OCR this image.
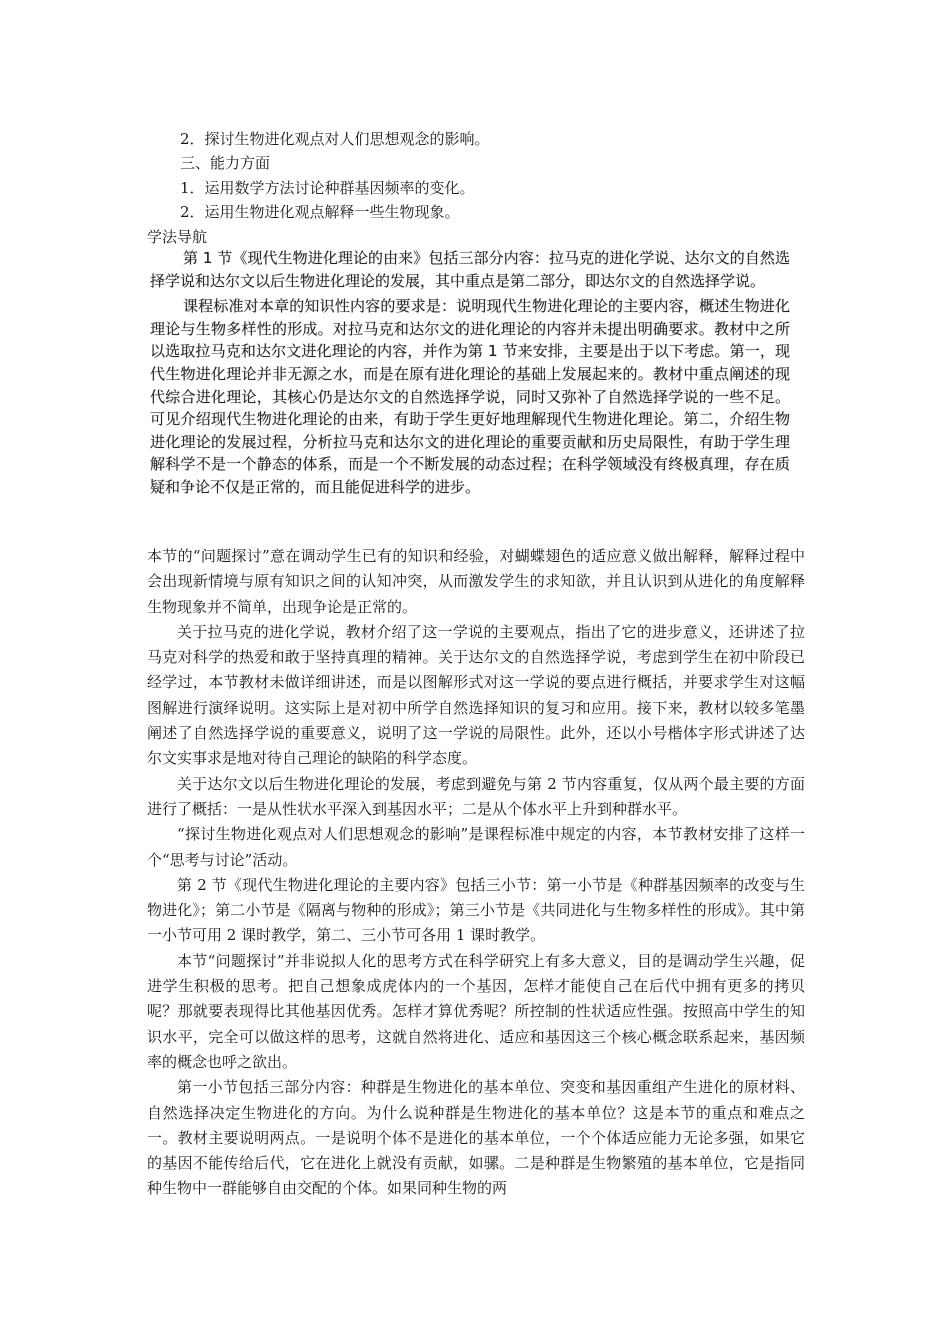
2．探讨生物进化观点对人们思想观念的影响。
三、能力方面
1．运用数学方法讨论种群基因频率的变化。
2．运用生物进化观点解释一些生物现象。
学法导航

第 1 节《现代生物进化理论的由来》包括三部分内容：拉马克的进化学说、达尔文的自然选择学说和达尔文以后生物进化理论的发展，其中重点是第二部分，即达尔文的自然选择学说。

课程标准对本章的知识性内容的要求是：说明现代生物进化理论的主要内容，概述生物进化理论与生物多样性的形成。对拉马克和达尔文的进化理论的内容并未提出明确要求。教材中之所以选取拉马克和达尔文进化理论的内容，并作为第 1 节来安排，主要是出于以下考虑。第一，现代生物进化理论并非无源之水，而是在原有进化理论的基础上发展起来的。教材中重点阐述的现代综合进化理论，其核心仍是达尔文的自然选择学说，同时又弥补了自然选择学说的一些不足。可见介绍现代生物进化理论的由来，有助于学生更好地理解现代生物进化理论。第二，介绍生物进化理论的发展过程，分析拉马克和达尔文的进化理论的重要贡献和历史局限性，有助于学生理解科学不是一个静态的体系，而是一个不断发展的动态过程；在科学领域没有终极真理，存在质疑和争论不仅是正常的，而且能促进科学的进步。

本节的“问题探讨”意在调动学生已有的知识和经验，对蝴蝶翅色的适应意义做出解释，解释过程中会出现新情境与原有知识之间的认知冲突，从而激发学生的求知欲，并且认识到从进化的角度解释生物现象并不简单，出现争论是正常的。

关于拉马克的进化学说，教材介绍了这一学说的主要观点，指出了它的进步意义，还讲述了拉马克对科学的热爱和敢于坚持真理的精神。关于达尔文的自然选择学说，考虑到学生在初中阶段已经学过，本节教材未做详细讲述，而是以图解形式对这一学说的要点进行概括，并要求学生对这幅图解进行演绎说明。这实际上是对初中所学自然选择知识的复习和应用。接下来，教材以较多笔墨阐述了自然选择学说的重要意义，说明了这一学说的局限性。此外，还以小号楷体字形式讲述了达尔文实事求是地对待自己理论的缺陷的科学态度。

关于达尔文以后生物进化理论的发展，考虑到避免与第 2 节内容重复，仅从两个最主要的方面进行了概括：一是从性状水平深入到基因水平；二是从个体水平上升到种群水平。

“探讨生物进化观点对人们思想观念的影响”是课程标准中规定的内容，本节教材安排了这样一个“思考与讨论”活动。

第 2 节《现代生物进化理论的主要内容》包括三小节：第一小节是《种群基因频率的改变与生物进化》；第二小节是《隔离与物种的形成》；第三小节是《共同进化与生物多样性的形成》。其中第一小节可用 2 课时教学，第二、三小节可各用 1 课时教学。

本节“问题探讨”并非说拟人化的思考方式在科学研究上有多大意义，目的是调动学生兴趣，促进学生积极的思考。把自己想象成虎体内的一个基因，怎样才能使自己在后代中拥有更多的拷贝呢？那就要表现得比其他基因优秀。怎样才算优秀呢？所控制的性状适应性强。按照高中学生的知识水平，完全可以做这样的思考，这就自然将进化、适应和基因这三个核心概念联系起来，基因频率的概念也呼之欲出。

第一小节包括三部分内容：种群是生物进化的基本单位、突变和基因重组产生进化的原材料、自然选择决定生物进化的方向。为什么说种群是生物进化的基本单位？这是本节的重点和难点之一。教材主要说明两点。一是说明个体不是进化的基本单位，一个个体适应能力无论多强，如果它的基因不能传给后代，它在进化上就没有贡献，如骡。二是种群是生物繁殖的基本单位，它是指同种生物中一群能够自由交配的个体。如果同种生物的两
